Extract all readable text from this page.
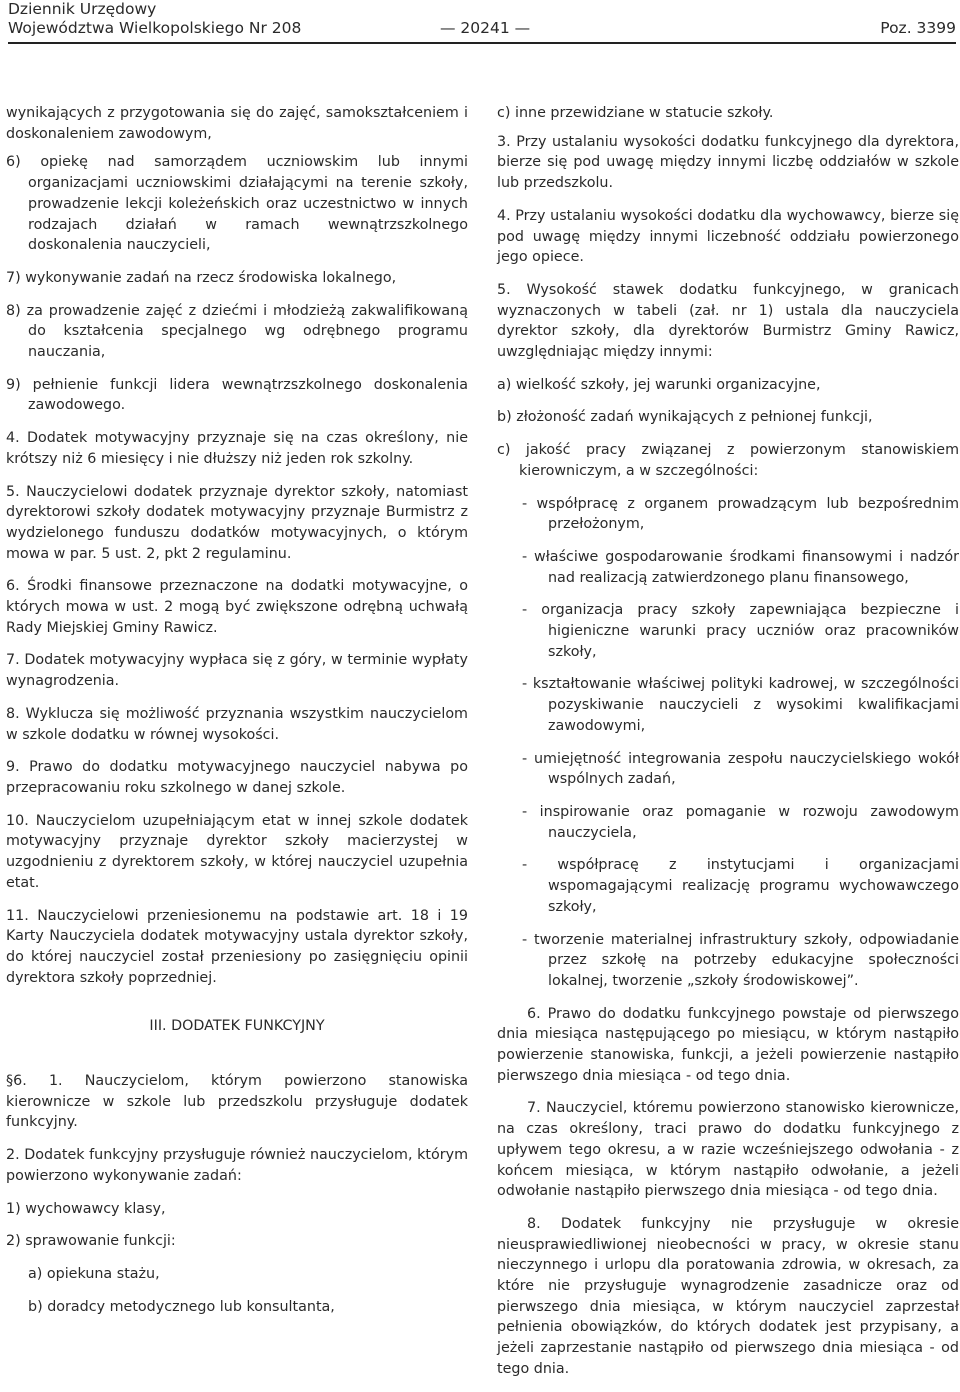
Dziennik Urzędowy
Województwa Wielkopolskiego Nr 208	— 20241 —	Poz. 3399

wynikających z przygotowania się do zajęć, samokształceniem i doskonaleniem zawodowym,

6) opiekę nad samorządem uczniowskim lub innymi organizacjami uczniowskimi działającymi na terenie szkoły, prowadzenie lekcji koleżeńskich oraz uczestnictwo w innych rodzajach działań w ramach wewnątrzszkolnego doskonalenia nauczycieli,

7) wykonywanie zadań na rzecz środowiska lokalnego,

8) za prowadzenie zajęć z dziećmi i młodzieżą zakwalifikowaną do kształcenia specjalnego wg odrębnego programu nauczania,

9) pełnienie funkcji lidera wewnątrzszkolnego doskonalenia zawodowego.

4. Dodatek motywacyjny przyznaje się na czas określony, nie krótszy niż 6 miesięcy i nie dłuższy niż jeden rok szkolny.

5. Nauczycielowi dodatek przyznaje dyrektor szkoły, natomiast dyrektorowi szkoły dodatek motywacyjny przyznaje Burmistrz z wydzielonego funduszu dodatków motywacyjnych, o którym mowa w par. 5 ust. 2, pkt 2 regulaminu.

6. Środki finansowe przeznaczone na dodatki motywacyjne, o których mowa w ust. 2 mogą być zwiększone odrębną uchwałą Rady Miejskiej Gminy Rawicz.

7. Dodatek motywacyjny wypłaca się z góry, w terminie wypłaty wynagrodzenia.

8. Wyklucza się możliwość przyznania wszystkim nauczycielom w szkole dodatku w równej wysokości.

9. Prawo do dodatku motywacyjnego nauczyciel nabywa po przepracowaniu roku szkolnego w danej szkole.

10. Nauczycielom uzupełniającym etat w innej szkole dodatek motywacyjny przyznaje dyrektor szkoły macierzystej w uzgodnieniu z dyrektorem szkoły, w której nauczyciel uzupełnia etat.

11. Nauczycielowi przeniesionemu na podstawie art. 18 i 19 Karty Nauczyciela dodatek motywacyjny ustala dyrektor szkoły, do której nauczyciel został przeniesiony po zasięgnięciu opinii dyrektora szkoły poprzedniej.

III. DODATEK FUNKCYJNY

§6. 1. Nauczycielom, którym powierzono stanowiska kierownicze w szkole lub przedszkolu przysługuje dodatek funkcyjny.

2. Dodatek funkcyjny przysługuje również nauczycielom, którym powierzono wykonywanie zadań:

1) wychowawcy klasy,

2) sprawowanie funkcji:

a) opiekuna stażu,

b) doradcy metodycznego lub konsultanta,

c) inne przewidziane w statucie szkoły.

3. Przy ustalaniu wysokości dodatku funkcyjnego dla dyrektora, bierze się pod uwagę między innymi liczbę oddziałów w szkole lub przedszkolu.

4. Przy ustalaniu wysokości dodatku dla wychowawcy, bierze się pod uwagę między innymi liczebność oddziału powierzonego jego opiece.

5. Wysokość stawek dodatku funkcyjnego, w granicach wyznaczonych w tabeli (zał. nr 1) ustala dla nauczyciela dyrektor szkoły, dla dyrektorów Burmistrz Gminy Rawicz, uwzględniając między innymi:

a) wielkość szkoły, jej warunki organizacyjne,

b) złożoność zadań wynikających z pełnionej funkcji,

c) jakość pracy związanej z powierzonym stanowiskiem kierowniczym, a w szczególności:

- współpracę z organem prowadzącym lub bezpośrednim przełożonym,

- właściwe gospodarowanie środkami finansowymi i nadzór nad realizacją zatwierdzonego planu finansowego,

- organizacja pracy szkoły zapewniająca bezpieczne i higieniczne warunki pracy uczniów oraz pracowników szkoły,

- kształtowanie właściwej polityki kadrowej, w szczególności pozyskiwanie nauczycieli z wysokimi kwalifikacjami zawodowymi,

- umiejętność integrowania zespołu nauczycielskiego wokół wspólnych zadań,

- inspirowanie oraz pomaganie w rozwoju zawodowym nauczyciela,

- współpracę z instytucjami i organizacjami wspomagającymi realizację programu wychowawczego szkoły,

- tworzenie materialnej infrastruktury szkoły, odpowiadanie przez szkołę na potrzeby edukacyjne społeczności lokalnej, tworzenie „szkoły środowiskowej”.

6. Prawo do dodatku funkcyjnego powstaje od pierwszego dnia miesiąca następującego po miesiącu, w którym nastąpiło powierzenie stanowiska, funkcji, a jeżeli powierzenie nastąpiło pierwszego dnia miesiąca - od tego dnia.

7. Nauczyciel, któremu powierzono stanowisko kierownicze, na czas określony, traci prawo do dodatku funkcyjnego z upływem tego okresu, a w razie wcześniejszego odwołania - z końcem miesiąca, w którym nastąpiło odwołanie, a jeżeli odwołanie nastąpiło pierwszego dnia miesiąca - od tego dnia.

8. Dodatek funkcyjny nie przysługuje w okresie nieusprawiedliwionej nieobecności w pracy, w okresie stanu nieczynnego i urlopu dla poratowania zdrowia, w okresach, za które nie przysługuje wynagrodzenie zasadnicze oraz od pierwszego dnia miesiąca, w którym nauczyciel zaprzestał pełnienia obowiązków, do których dodatek jest przypisany, a jeżeli zaprzestanie nastąpiło od pierwszego dnia miesiąca - od tego dnia.
